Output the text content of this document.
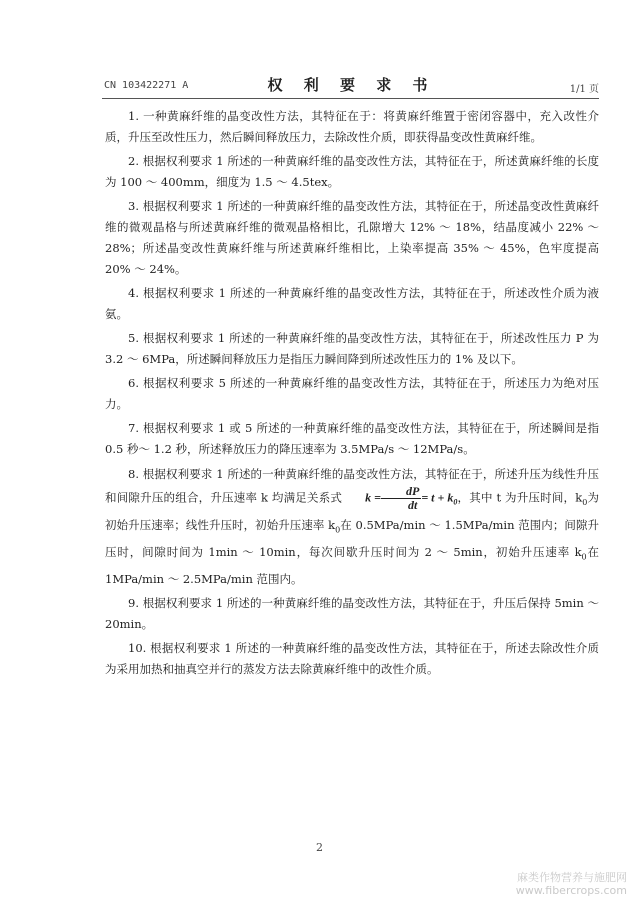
CN 103422271 A	权 利 要 求 书	1/1 页

1. 一种黄麻纤维的晶变改性方法，其特征在于：将黄麻纤维置于密闭容器中，充入改性介质，升压至改性压力，然后瞬间释放压力，去除改性介质，即获得晶变改性黄麻纤维。

2. 根据权利要求 1 所述的一种黄麻纤维的晶变改性方法，其特征在于，所述黄麻纤维的长度为 100 ～ 400mm，细度为 1.5 ～ 4.5tex。

3. 根据权利要求 1 所述的一种黄麻纤维的晶变改性方法，其特征在于，所述晶变改性黄麻纤维的微观晶格与所述黄麻纤维的微观晶格相比，孔隙增大 12% ～ 18%，结晶度减小 22% ～ 28%；所述晶变改性黄麻纤维与所述黄麻纤维相比，上染率提高 35% ～ 45%，色牢度提高 20% ～ 24%。

4. 根据权利要求 1 所述的一种黄麻纤维的晶变改性方法，其特征在于，所述改性介质为液氨。

5. 根据权利要求 1 所述的一种黄麻纤维的晶变改性方法，其特征在于，所述改性压力 P 为 3.2 ～ 6MPa，所述瞬间释放压力是指压力瞬间降到所述改性压力的 1% 及以下。

6. 根据权利要求 5 所述的一种黄麻纤维的晶变改性方法，其特征在于，所述压力为绝对压力。

7. 根据权利要求 1 或 5 所述的一种黄麻纤维的晶变改性方法，其特征在于，所述瞬间是指 0.5 秒～ 1.2 秒，所述释放压力的降压速率为 3.5MPa/s ～ 12MPa/s。

8. 根据权利要求 1 所述的一种黄麻纤维的晶变改性方法，其特征在于，所述升压为线性升压和间隙升压的组合，升压速率 k 均满足关系式 $k = \frac{dP}{dt} = t + k_0$，其中 t 为升压时间，$k_0$为初始升压速率；线性升压时，初始升压速率 $k_0$在 0.5MPa/min ～ 1.5MPa/min 范围内；间隙升压时，间隙时间为 1min ～ 10min，每次间歇升压时间为 2 ～ 5min，初始升压速率 $k_0$在 1MPa/min ～ 2.5MPa/min 范围内。

9. 根据权利要求 1 所述的一种黄麻纤维的晶变改性方法，其特征在于，升压后保持 5min ～ 20min。

10. 根据权利要求 1 所述的一种黄麻纤维的晶变改性方法，其特征在于，所述去除改性介质为采用加热和抽真空并行的蒸发方法去除黄麻纤维中的改性介质。

2
麻类作物营养与施肥网
www.fibercrops.com
